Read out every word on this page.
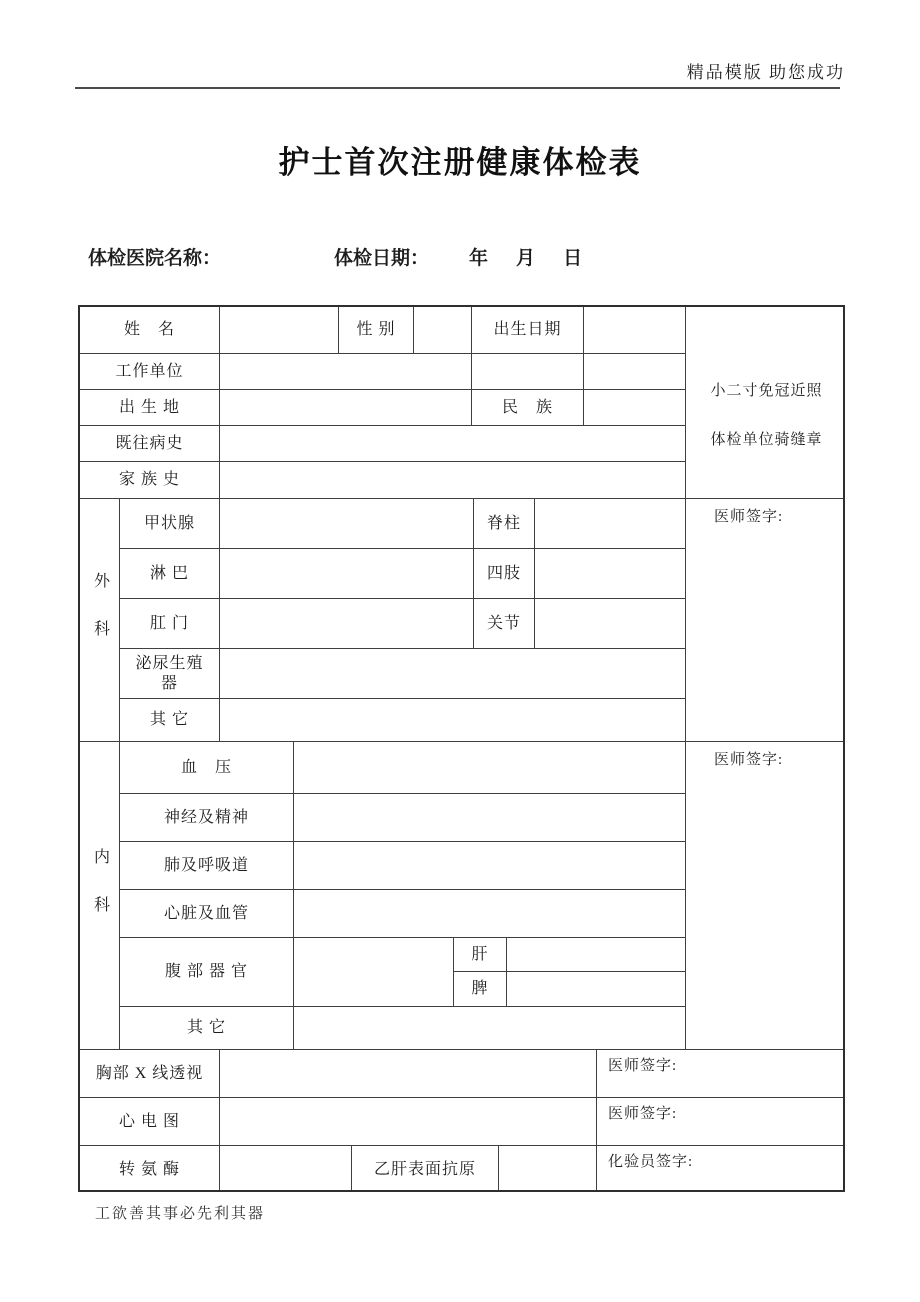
精品模版 助您成功
护士首次注册健康体检表
体检医院名称：	体检日期： 年 月 日
姓　名	性 别	出生日期
工作单位
出 生 地	民　族
既往病史
家 族 史
小二寸免冠近照
体检单位骑缝章
外科
甲状腺	脊柱
淋 巴	四肢
肛 门	关节
泌尿生殖器
其 它
医师签字:
内科
血　压
神经及精神
肺及呼吸道
心脏及血管
腹 部 器 官
肝
脾
其 它
医师签字:
胸部 X 线透视	医师签字:
心 电 图	医师签字:
转 氨 酶	乙肝表面抗原	化验员签字:
工欲善其事必先利其器
